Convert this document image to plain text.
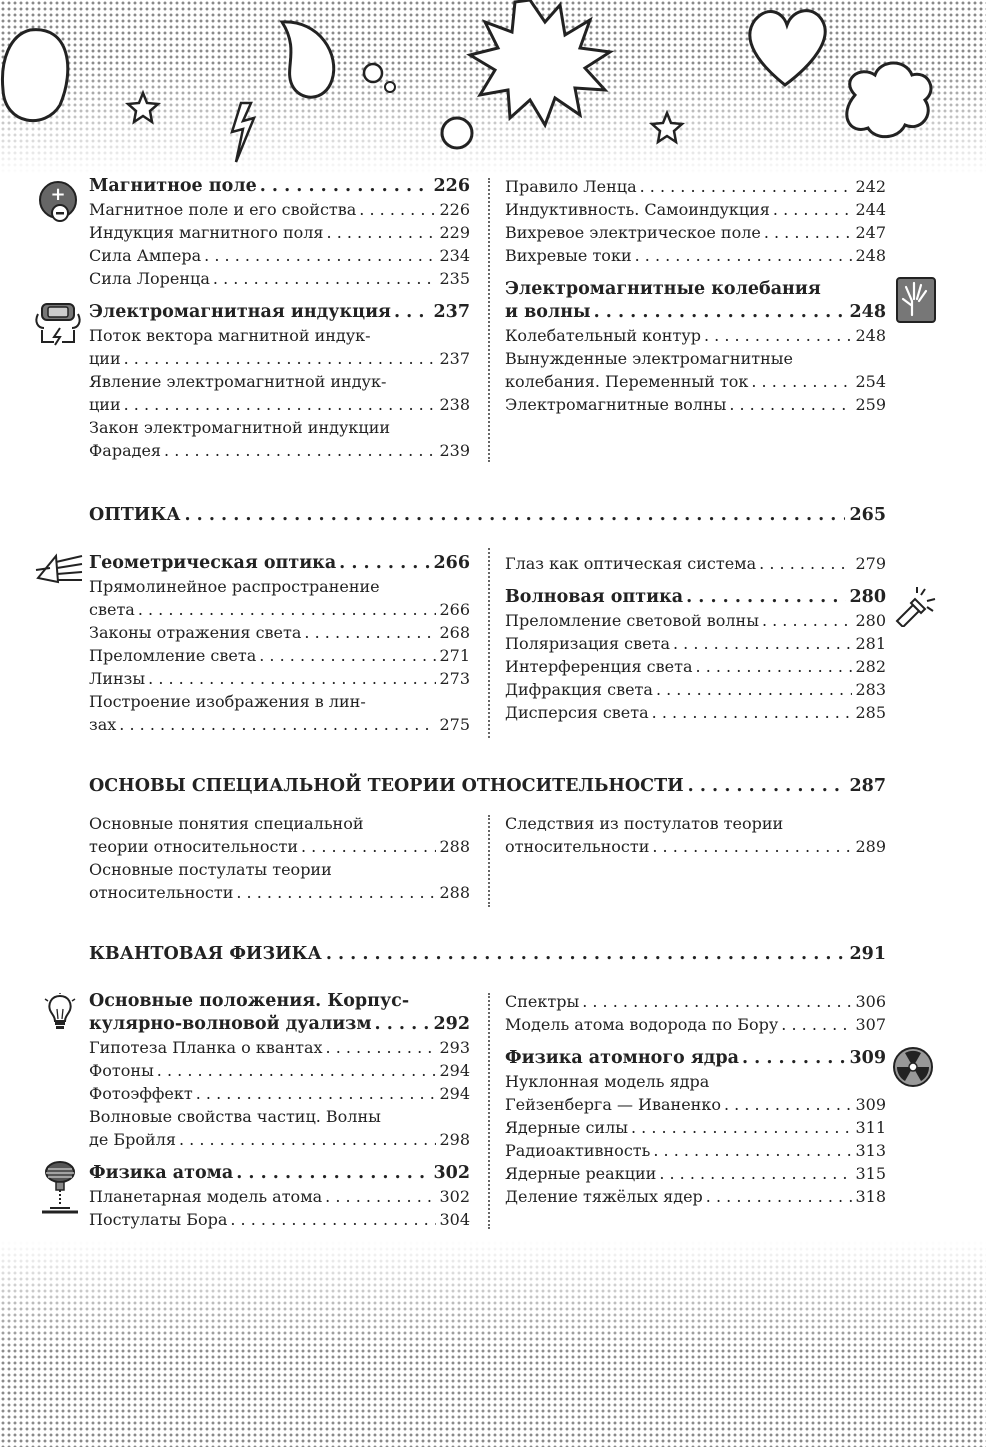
+ Магнитное поле . . .	226
Магнитное поле и его свойства . . .	226
Индукция магнитного поля . . .	229
Сила Ампера . . .	234
Сила Лоренца . . .	235
Электромагнитная индукция . . . 237
Поток вектора магнитной индук-
ции . . .	237
Явление электромагнитной индук-
ции . . .	238
Закон электромагнитной индукции
Фарадея . . .	239
Правило Ленца . . .	242
Индуктивность. Самоиндукция . . .	244
Вихревое электрическое поле . . .	247
Вихревые токи . . .	248
Электромагнитные колебания
и волны . . .	248
Колебательный контур . . .	248
Вынужденные электромагнитные
колебания. Переменный ток . . .	254
Электромагнитные волны . . .	259
ОПТИКА . . .	265
Геометрическая оптика . . .	266
Прямолинейное распространение
света . . .	266
Законы отражения света . . .	268
Преломление света . . .	271
Линзы . . .	273
Построение изображения в лин-
зах . . .	275
Глаз как оптическая система . . .	279
Волновая оптика . . .	280
Преломление световой волны . . .	280
Поляризация света . . .	281
Интерференция света . . .	282
Дифракция света . . .	283
Дисперсия света . . .	285
ОСНОВЫ СПЕЦИАЛЬНОЙ ТЕОРИИ ОТНОСИТЕЛЬНОСТИ . . .	287
Основные понятия специальной
теории относительности . . .	288
Основные постулаты теории
относительности . . .	288
Следствия из постулатов теории
относительности . . .	289
КВАНТОВАЯ ФИЗИКА . . .	291
Основные положения. Корпус-
кулярно-волновой дуализм . . .	292
Гипотеза Планка о квантах . . .	293
Фотоны . . .	294
Фотоэффект . . .	294
Волновые свойства частиц. Волны
де Бройля . . .	298
Физика атома . . .	302
Планетарная модель атома . . .	302
Постулаты Бора . . .	304
Спектры . . .	306
Модель атома водорода по Бору . . .	307
Физика атомного ядра . . .	309
Нуклонная модель ядра
Гейзенберга — Иваненко . . .	309
Ядерные силы . . .	311
Радиоактивность . . .	313
Ядерные реакции . . .	315
Деление тяжёлых ядер . . .	318
